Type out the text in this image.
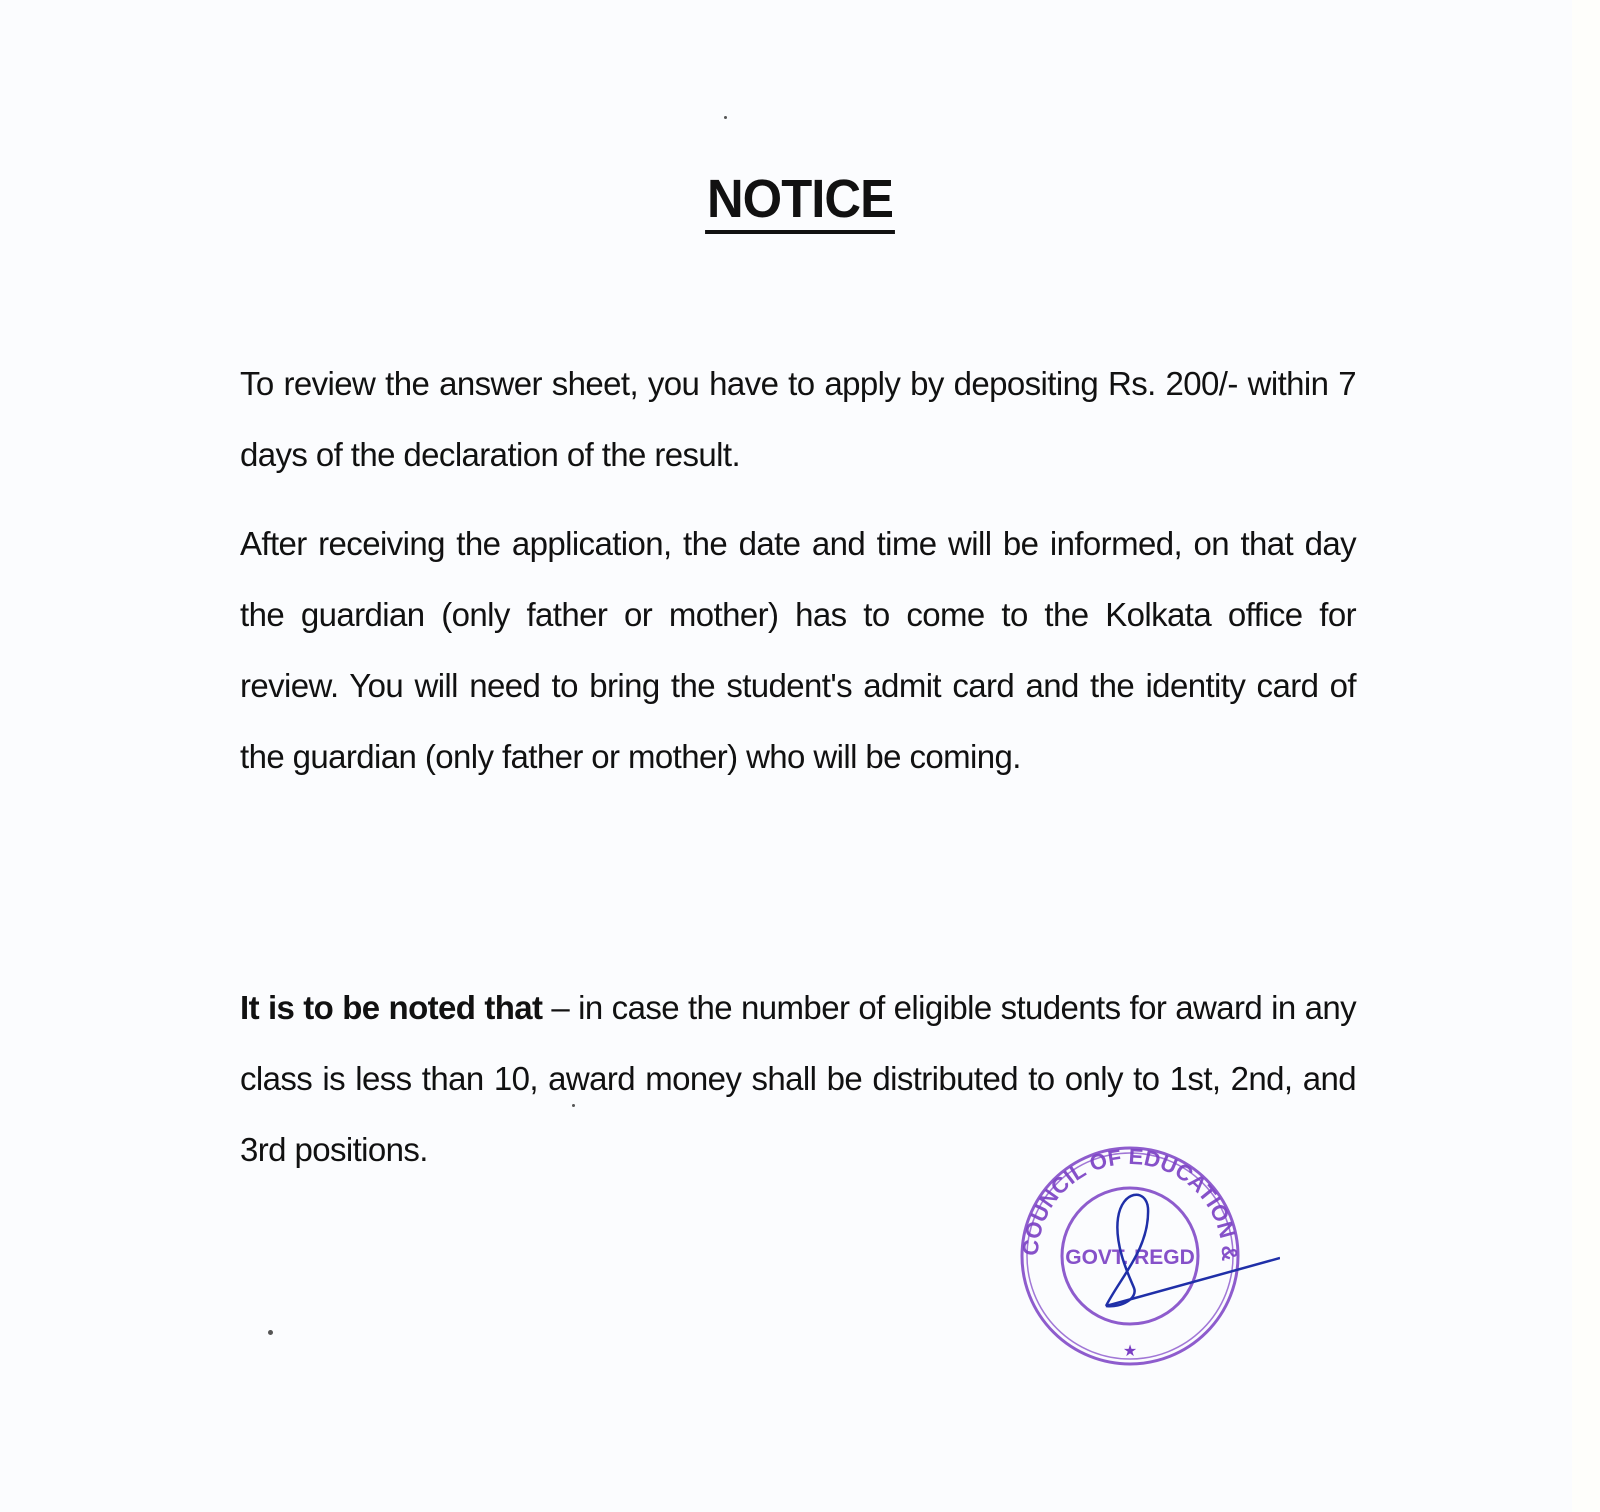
NOTICE
To review the answer sheet, you have to apply by depositing Rs. 200/- within 7 days of the declaration of the result.
After receiving the application, the date and time will be informed, on that day the guardian (only father or mother) has to come to the Kolkata office for review. You will need to bring the student's admit card and the identity card of the guardian (only father or mother) who will be coming.
It is to be noted that – in case the number of eligible students for award in any class is less than 10, award money shall be distributed to only to 1st, 2nd, and 3rd positions.
COUNCIL OF EDUCATION &
GOVT. REGD
★
